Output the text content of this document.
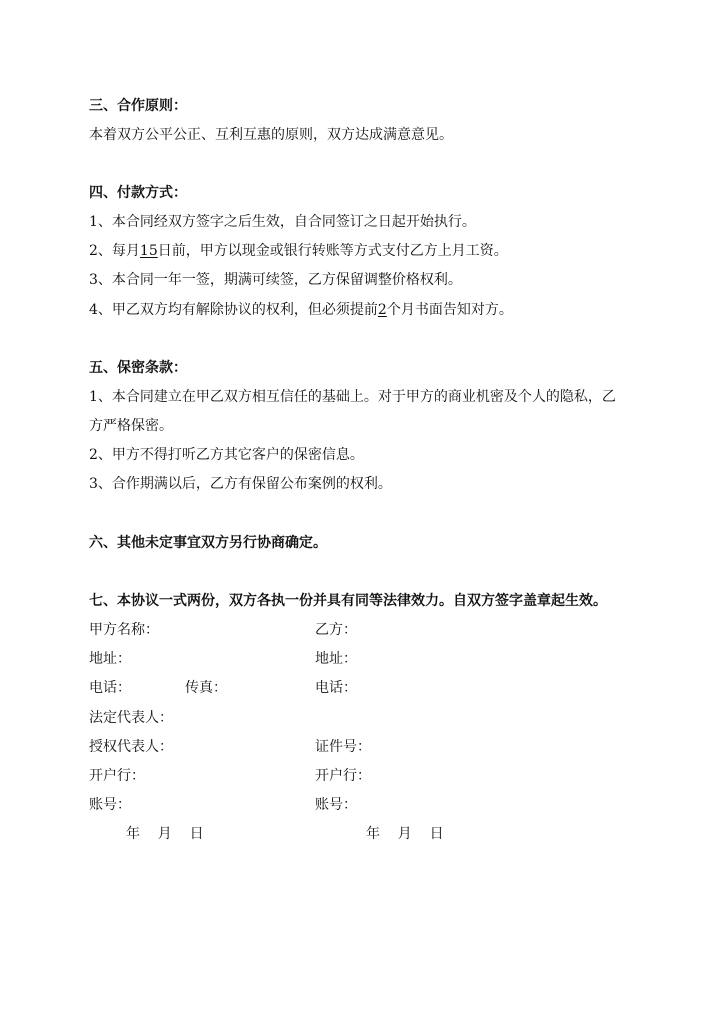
三、合作原则：
本着双方公平公正、互利互惠的原则，双方达成满意意见。
四、付款方式：
1、本合同经双方签字之后生效，自合同签订之日起开始执行。
2、每月15日前，甲方以现金或银行转账等方式支付乙方上月工资。
3、本合同一年一签，期满可续签，乙方保留调整价格权利。
4、甲乙双方均有解除协议的权利，但必须提前2个月书面告知对方。
五、保密条款：
1、本合同建立在甲乙双方相互信任的基础上。对于甲方的商业机密及个人的隐私，乙
方严格保密。
2、甲方不得打听乙方其它客户的保密信息。
3、合作期满以后，乙方有保留公布案例的权利。
六、其他未定事宜双方另行协商确定。
七、本协议一式两份，双方各执一份并具有同等法律效力。自双方签字盖章起生效。
甲方名称：	乙方：
地址：	地址：
电话：	传真：	电话：
法定代表人：
授权代表人：	证件号：
开户行：	开户行：
账号：	账号：
年    月    日	年    月    日
